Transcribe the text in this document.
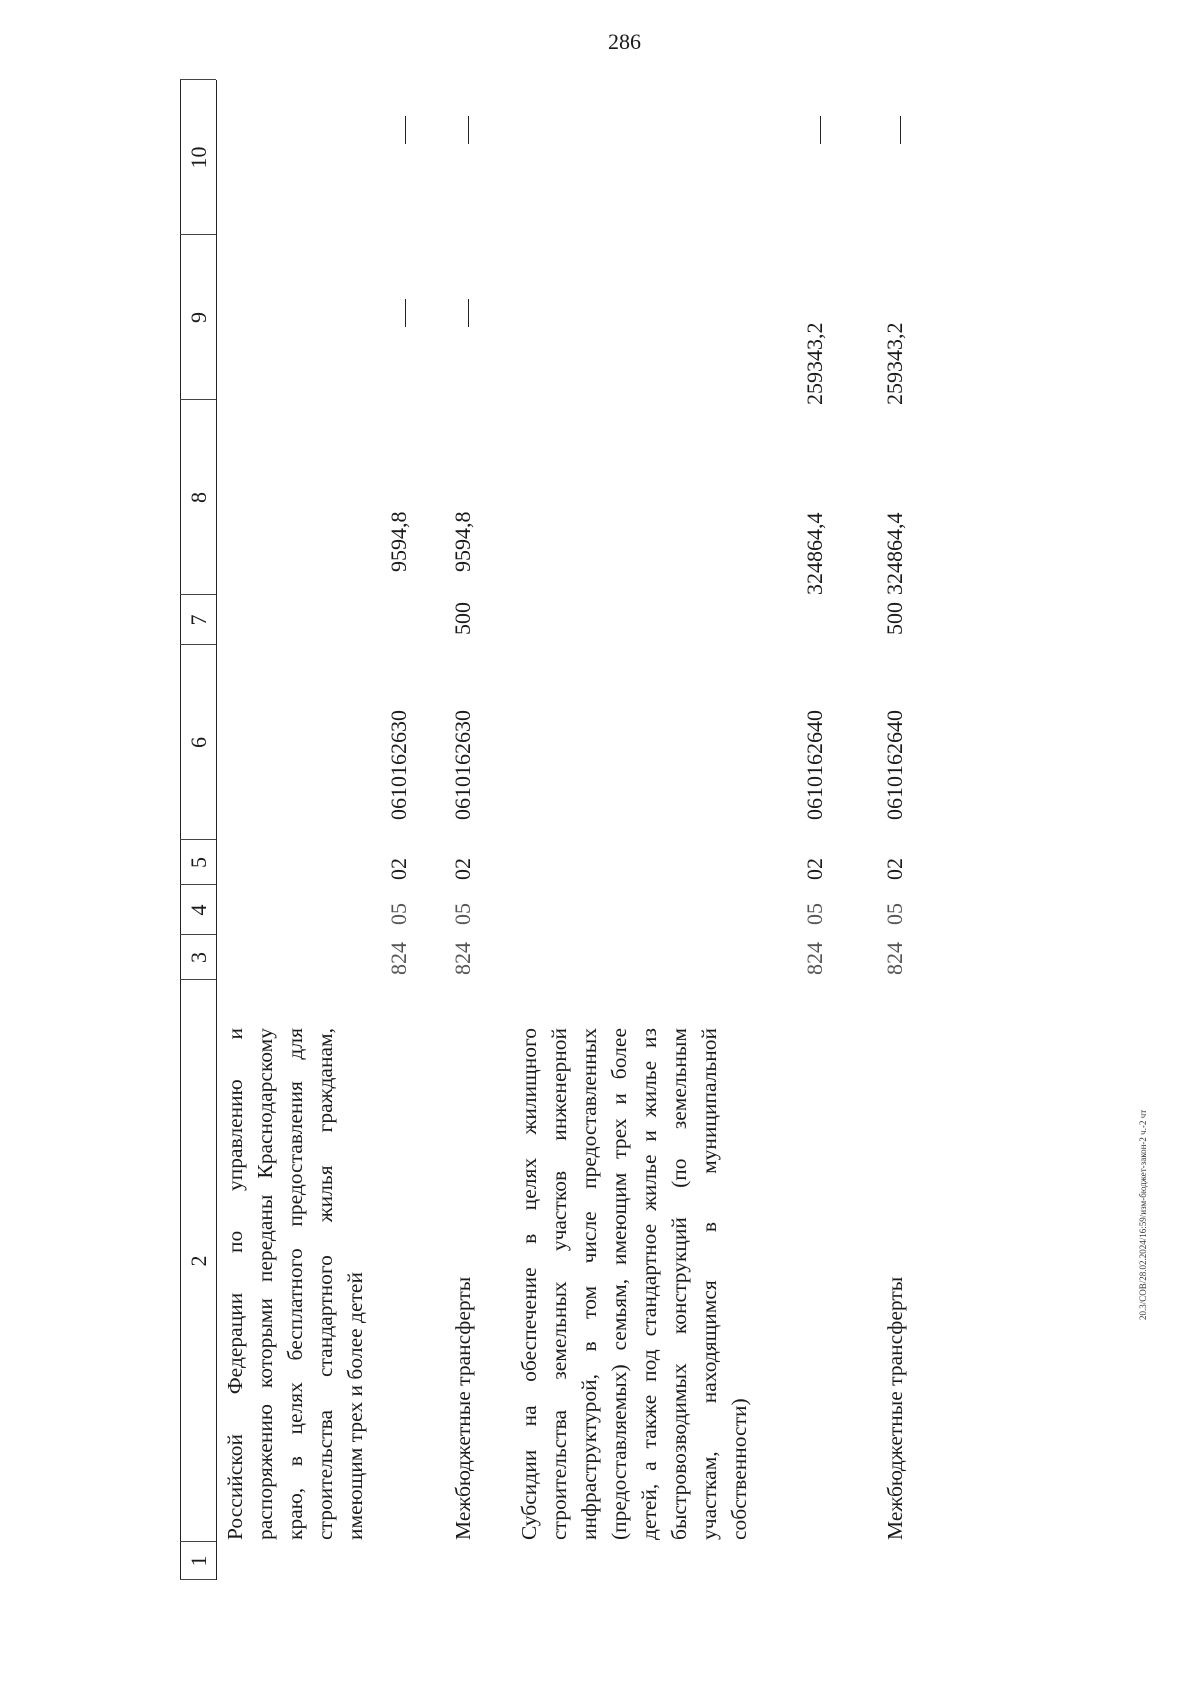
286
20.3/СОВ/28.02.2024/16:59/изм-бюджет-закон-2 ч.-2 чт
1
2
3
4
5
6
7
8
9
10
Российской Федерации по управлению и распоряжению которыми переданы Краснодарскому краю, в целях бесплатного предоставления для строительства стандартного жилья гражданам, имеющим трех и более детей
824
05
02
0610162630
9594,8
Межбюджетные трансферты
824
05
02
0610162630
500
9594,8
Субсидии на обеспечение в целях жилищного строительства земельных участков инженерной инфраструктурой, в том числе предоставленных (предоставляемых) семьям, имеющим трех и более детей, а также под стандартное жилье и жилье из быстровозводимых конструкций (по земельным участкам, находящимся в муниципальной собственности)
824
05
02
0610162640
324864,4
259343,2
Межбюджетные трансферты
824
05
02
0610162640
500
324864,4
259343,2
